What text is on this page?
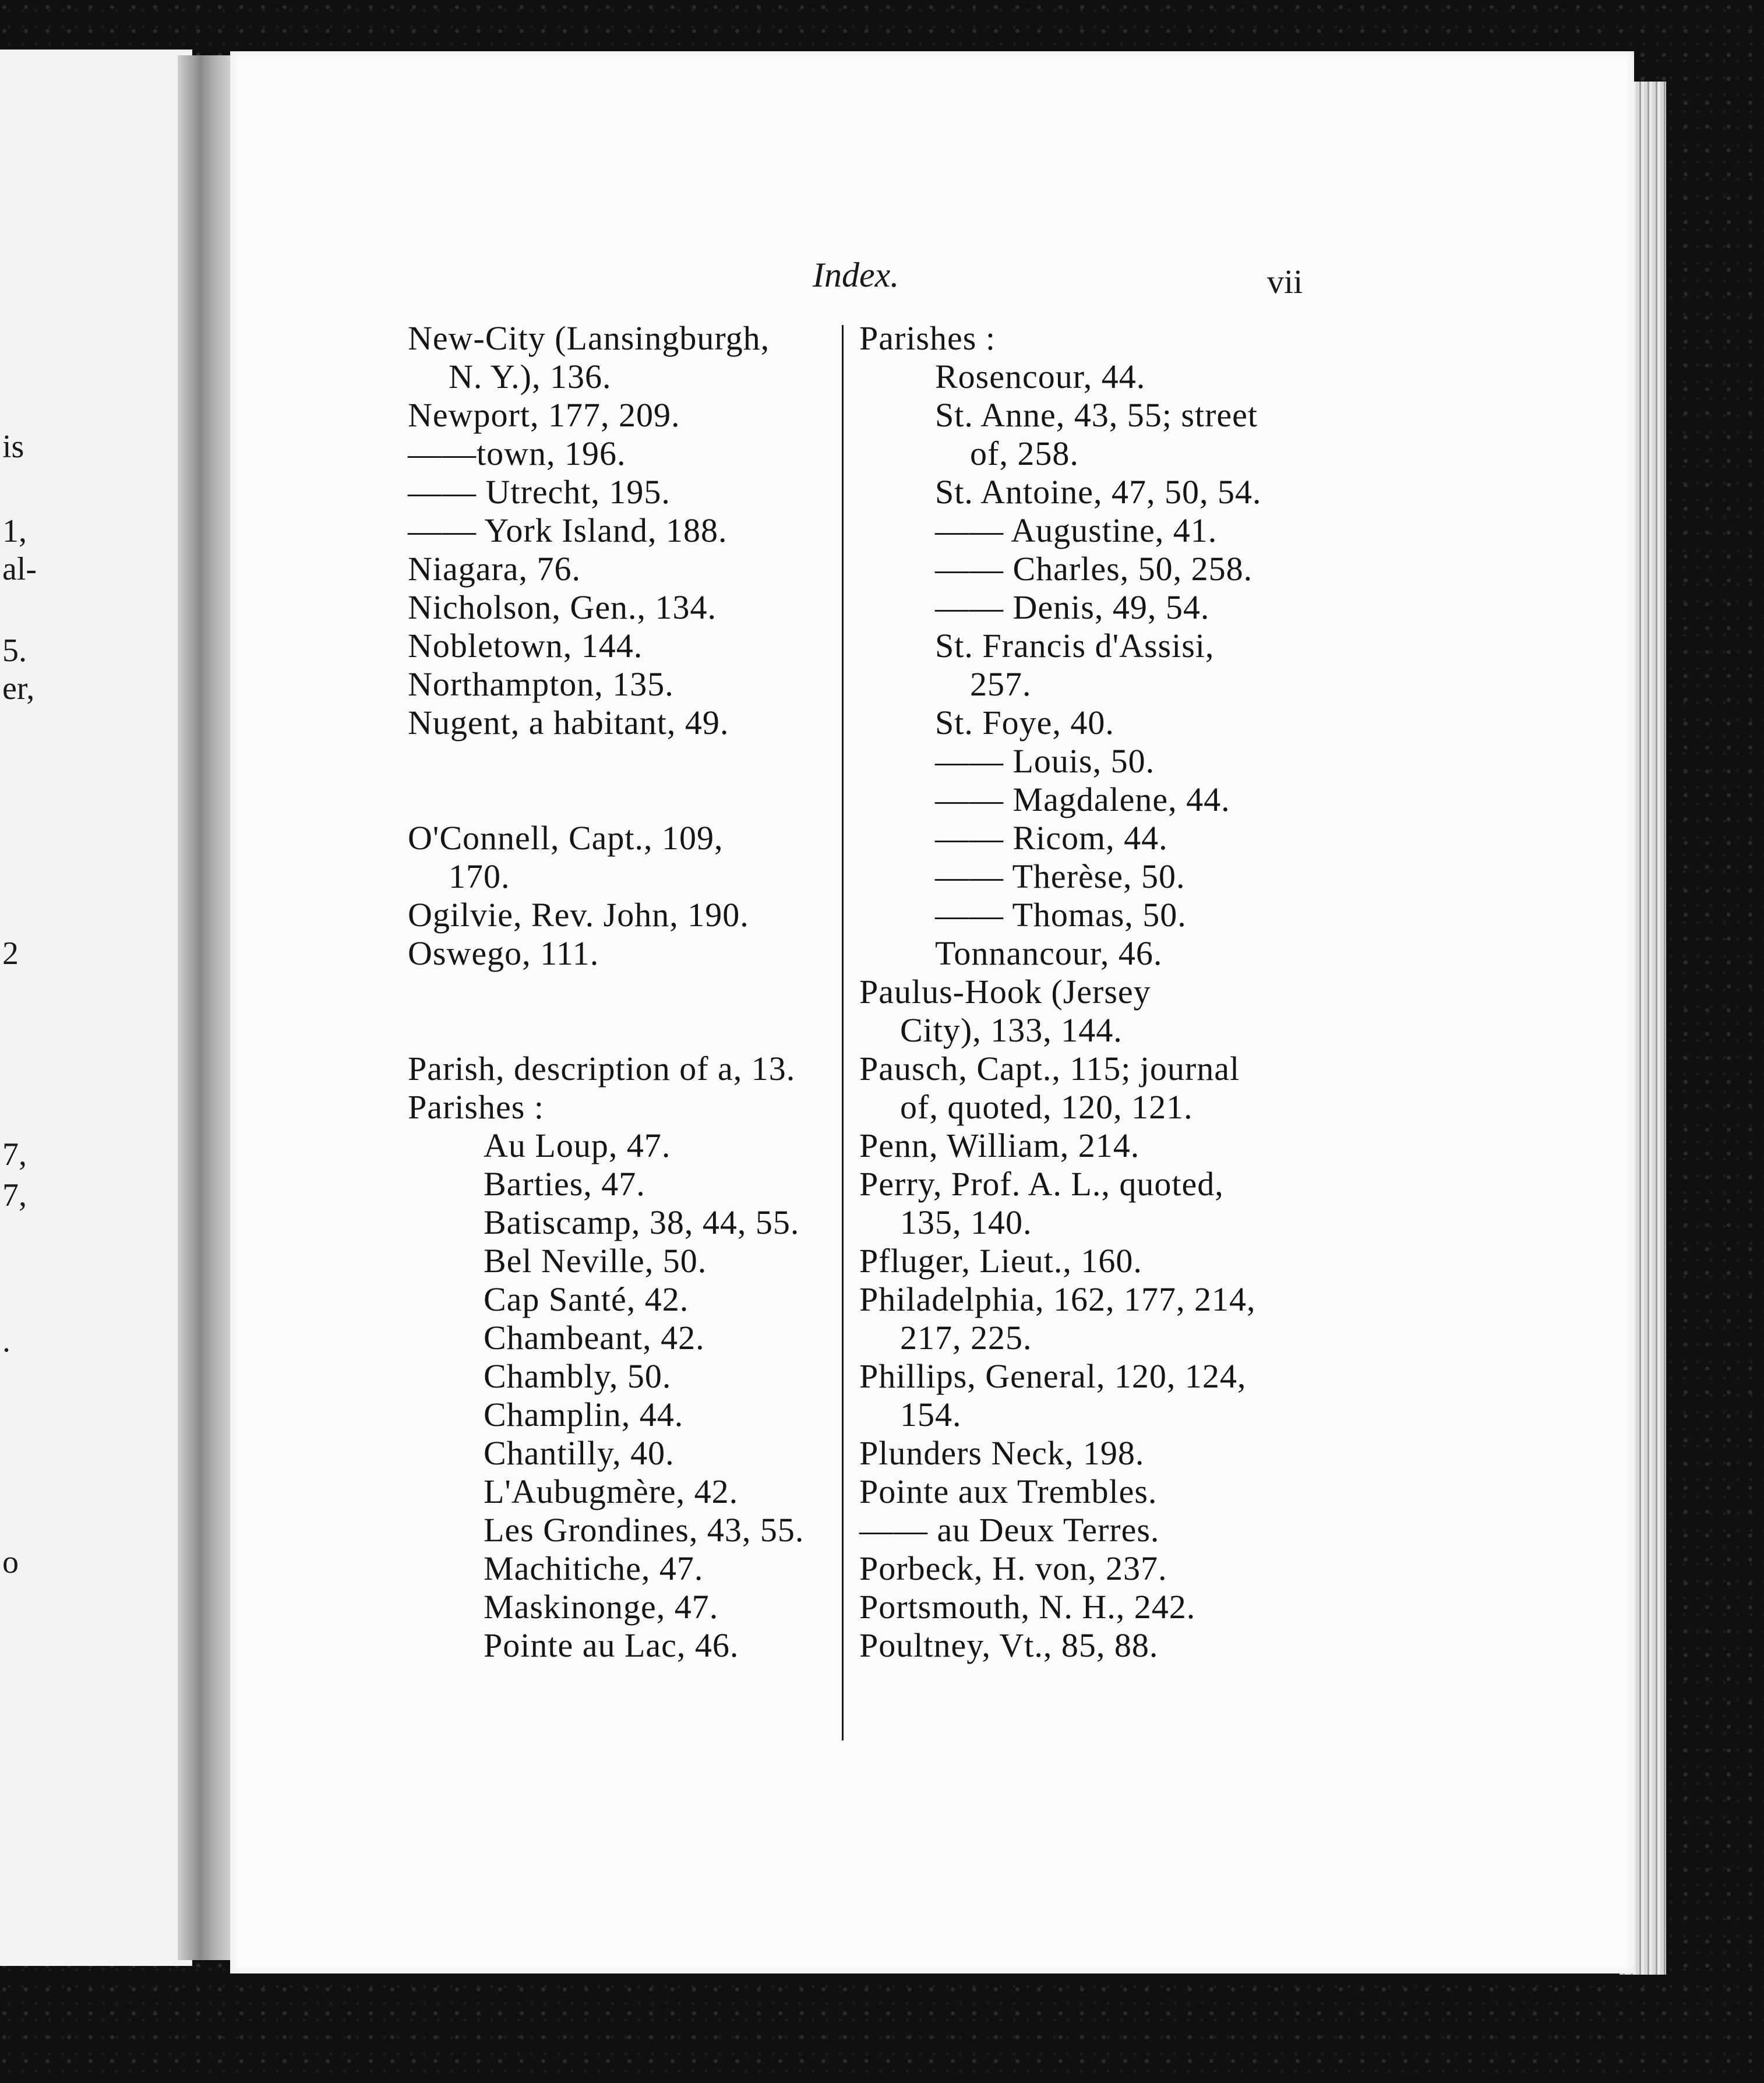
is
1,
al-
5.
er,
2
7,
7,
.
o
Index.	vii
New-City (Lansingburgh,
N. Y.), 136.
Newport, 177, 209.
——town, 196.
—— Utrecht, 195.
—— York Island, 188.
Niagara, 76.
Nicholson, Gen., 134.
Nobletown, 144.
Northampton, 135.
Nugent, a habitant, 49.
O'Connell, Capt., 109,
170.
Ogilvie, Rev. John, 190.
Oswego, 111.
Parish, description of a, 13.
Parishes :
Au Loup, 47.
Barties, 47.
Batiscamp, 38, 44, 55.
Bel Neville, 50.
Cap Santé, 42.
Chambeant, 42.
Chambly, 50.
Champlin, 44.
Chantilly, 40.
L'Aubugmère, 42.
Les Grondines, 43, 55.
Machitiche, 47.
Maskinonge, 47.
Pointe au Lac, 46.
Parishes :
Rosencour, 44.
St. Anne, 43, 55; street
of, 258.
St. Antoine, 47, 50, 54.
—— Augustine, 41.
—— Charles, 50, 258.
—— Denis, 49, 54.
St. Francis d'Assisi,
257.
St. Foye, 40.
—— Louis, 50.
—— Magdalene, 44.
—— Ricom, 44.
—— Therèse, 50.
—— Thomas, 50.
Tonnancour, 46.
Paulus-Hook (Jersey
City), 133, 144.
Pausch, Capt., 115; journal
of, quoted, 120, 121.
Penn, William, 214.
Perry, Prof. A. L., quoted,
135, 140.
Pfluger, Lieut., 160.
Philadelphia, 162, 177, 214,
217, 225.
Phillips, General, 120, 124,
154.
Plunders Neck, 198.
Pointe aux Trembles.
—— au Deux Terres.
Porbeck, H. von, 237.
Portsmouth, N. H., 242.
Poultney, Vt., 85, 88.
